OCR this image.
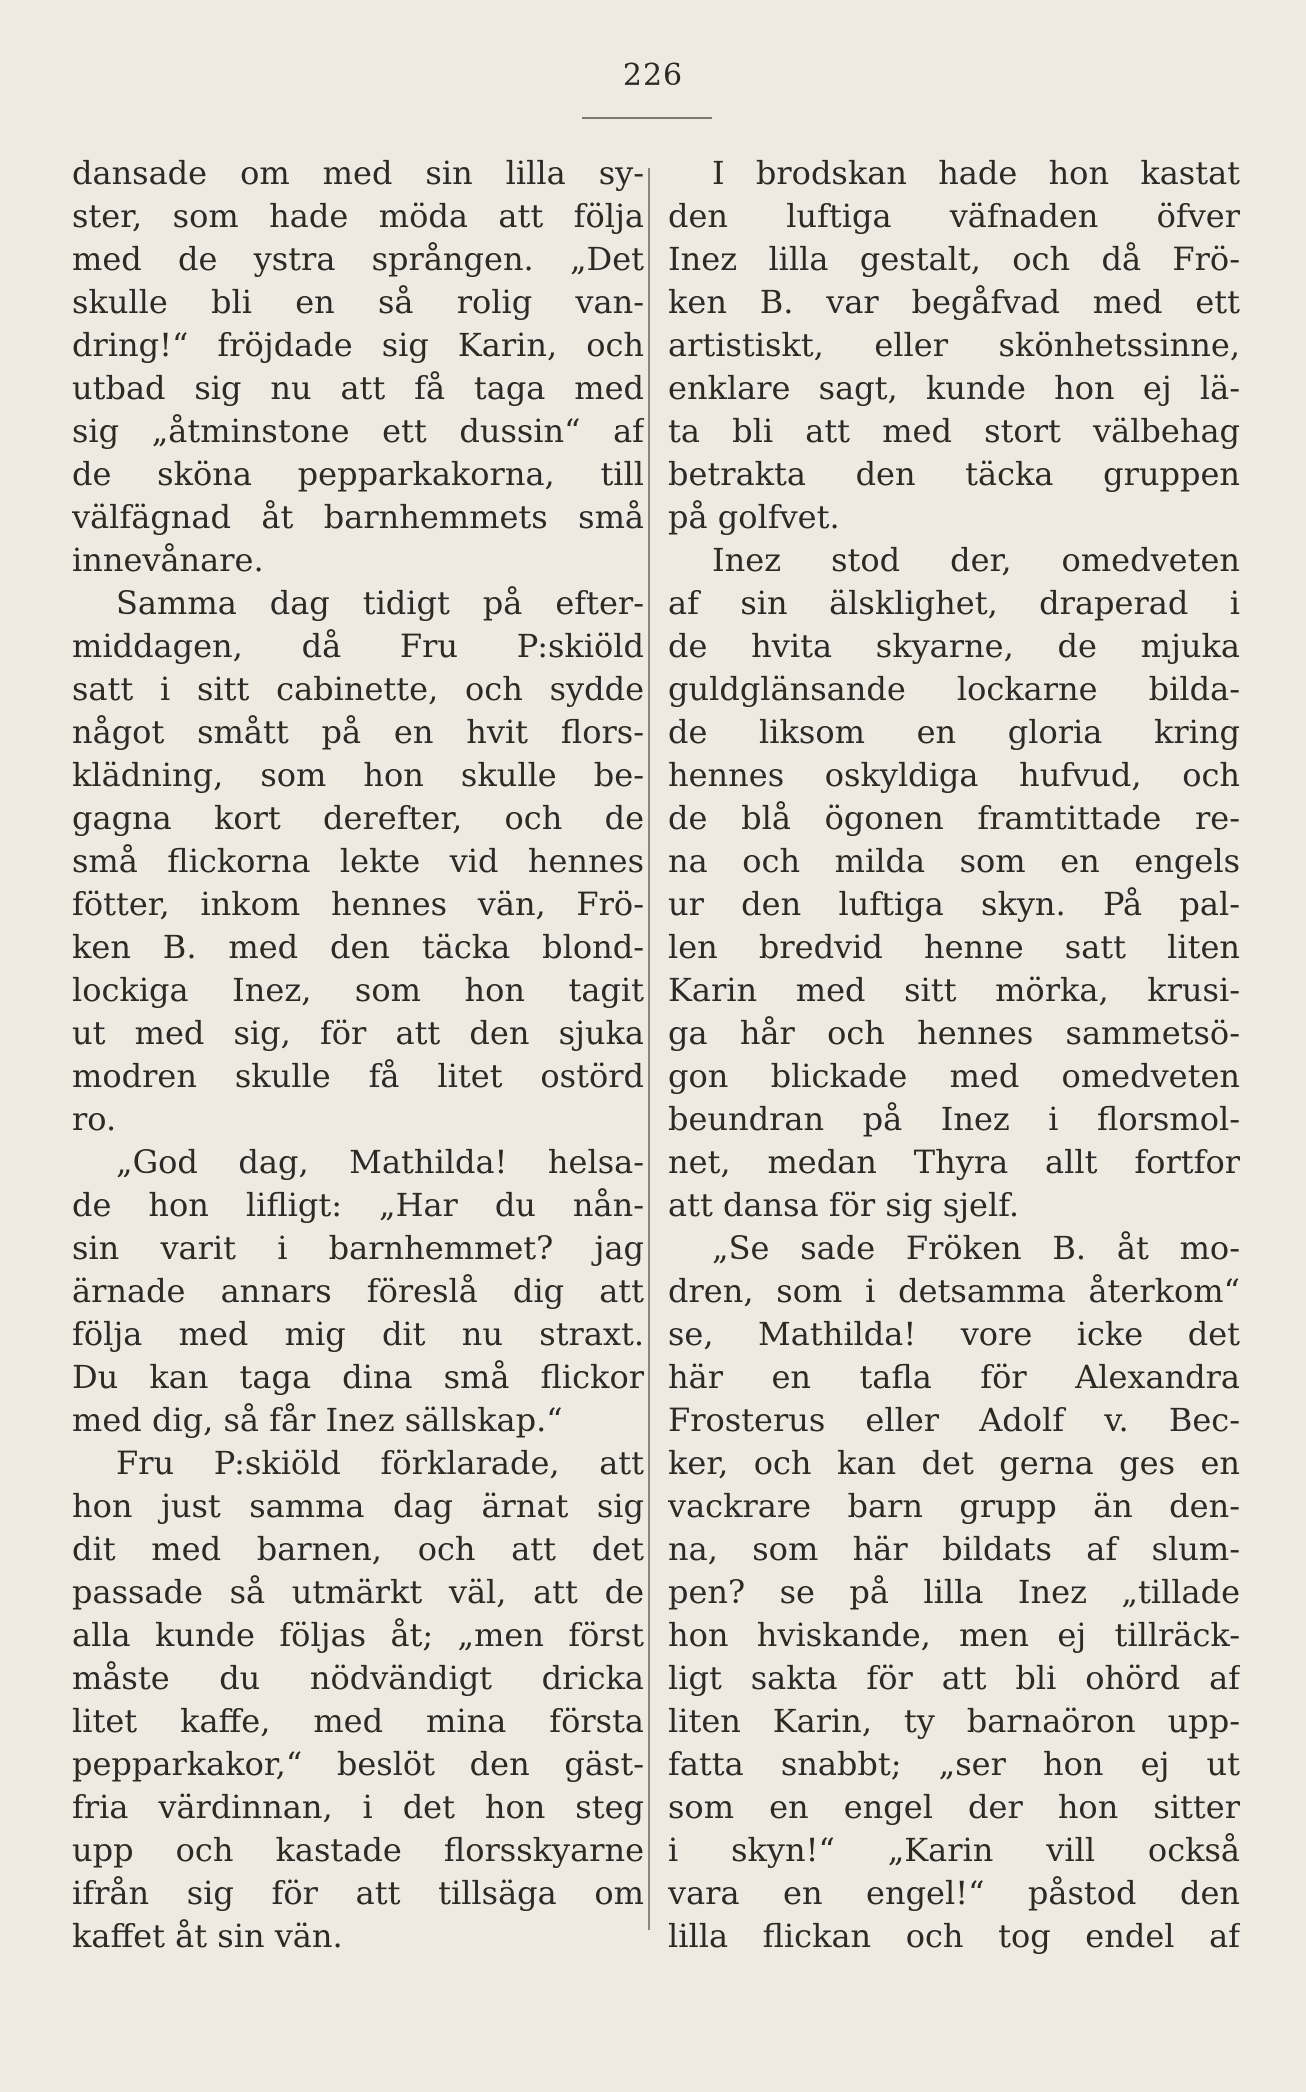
226
dansade om med sin lilla sy-
ster, som hade möda att följa
med de ystra sprången. „Det
skulle bli en så rolig van-
dring!“ fröjdade sig Karin, och
utbad sig nu att få taga med
sig „åtminstone ett dussin“ af
de sköna pepparkakorna, till
välfägnad åt barnhemmets små
innevånare.
Samma dag tidigt på efter-
middagen, då Fru P:skiöld
satt i sitt cabinette, och sydde
något smått på en hvit flors-
klädning, som hon skulle be-
gagna kort derefter, och de
små flickorna lekte vid hennes
fötter, inkom hennes vän, Frö-
ken B. med den täcka blond-
lockiga Inez, som hon tagit
ut med sig, för att den sjuka
modren skulle få litet ostörd
ro.
„God dag, Mathilda! helsa-
de hon lifligt: „Har du nån-
sin varit i barnhemmet? jag
ärnade annars föreslå dig att
följa med mig dit nu straxt.
Du kan taga dina små flickor
med dig, så får Inez sällskap.“
Fru P:skiöld förklarade, att
hon just samma dag ärnat sig
dit med barnen, och att det
passade så utmärkt väl, att de
alla kunde följas åt; „men först
måste du nödvändigt dricka
litet kaffe, med mina första
pepparkakor,“ beslöt den gäst-
fria värdinnan, i det hon steg
upp och kastade florsskyarne
ifrån sig för att tillsäga om
kaffet åt sin vän.
I brodskan hade hon kastat
den luftiga väfnaden öfver
Inez lilla gestalt, och då Frö-
ken B. var begåfvad med ett
artistiskt, eller skönhetssinne,
enklare sagt, kunde hon ej lä-
ta bli att med stort välbehag
betrakta den täcka gruppen
på golfvet.
Inez stod der, omedveten
af sin älsklighet, draperad i
de hvita skyarne, de mjuka
guldglänsande lockarne bilda-
de liksom en gloria kring
hennes oskyldiga hufvud, och
de blå ögonen framtittade re-
na och milda som en engels
ur den luftiga skyn. På pal-
len bredvid henne satt liten
Karin med sitt mörka, krusi-
ga hår och hennes sammetsö-
gon blickade med omedveten
beundran på Inez i florsmol-
net, medan Thyra allt fortfor
att dansa för sig sjelf.
„Se sade Fröken B. åt mo-
dren, som i detsamma återkom“
se, Mathilda! vore icke det
här en tafla för Alexandra
Frosterus eller Adolf v. Bec-
ker, och kan det gerna ges en
vackrare barn grupp än den-
na, som här bildats af slum-
pen? se på lilla Inez „tillade
hon hviskande, men ej tillräck-
ligt sakta för att bli ohörd af
liten Karin, ty barnaöron upp-
fatta snabbt; „ser hon ej ut
som en engel der hon sitter
i skyn!“ „Karin vill också
vara en engel!“ påstod den
lilla flickan och tog endel af
